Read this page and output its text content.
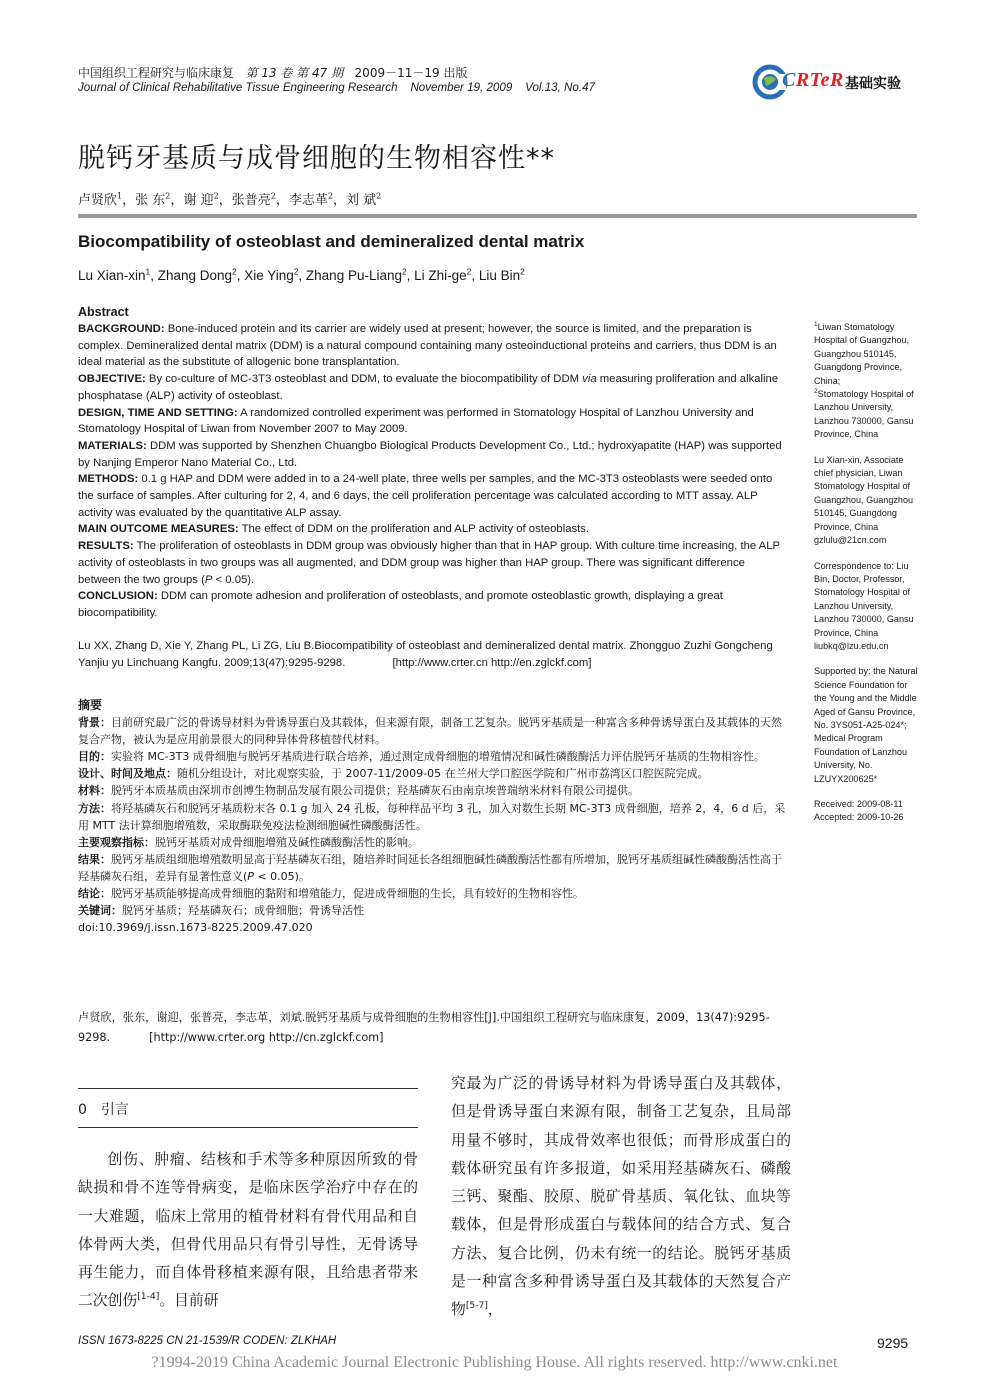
中国组织工程研究与临床康复 第 13 卷 第 47 期 2009－11－19 出版
Journal of Clinical Rehabilitative Tissue Engineering Research November 19, 2009 Vol.13, No.47	CRTeR 基础实验
脱钙牙基质与成骨细胞的生物相容性**
卢贤欣$^1$，张 东$^2$，谢 迎$^2$，张普亮$^2$，李志革$^2$，刘 斌$^2$
Biocompatibility of osteoblast and demineralized dental matrix
Lu Xian-xin$^1$, Zhang Dong$^2$, Xie Ying$^2$, Zhang Pu-Liang$^2$, Li Zhi-$ge^2$, Liu Bin$^2$
Abstract
BACKGROUND: Bone-induced protein and its carrier are widely used at present; however, the source is limited, and the preparation is complex. Demineralized dental matrix (DDM) is a natural compound containing many osteoinductional proteins and carriers, thus DDM is an ideal material as the substitute of allogenic bone transplantation.
OBJECTIVE: By co-culture of MC-3T3 osteoblast and DDM, to evaluate the biocompatibility of DDM via measuring proliferation and alkaline phosphatase (ALP) activity of osteoblast.
DESIGN, TIME AND SETTING: A randomized controlled experiment was performed in Stomatology Hospital of Lanzhou University and Stomatology Hospital of Liwan from November 2007 to May 2009.
MATERIALS: DDM was supported by Shenzhen Chuangbo Biological Products Development Co., Ltd.; hydroxyapatite (HAP) was supported by Nanjing Emperor Nano Material Co., Ltd.
METHODS: 0.1 g HAP and DDM were added in to a 24-well plate, three wells per samples, and the MC-3T3 osteoblasts were seeded onto the surface of samples. After culturing for 2, 4, and 6 days, the cell proliferation percentage was calculated according to MTT assay. ALP activity was evaluated by the quantitative ALP assay.
MAIN OUTCOME MEASURES: The effect of DDM on the proliferation and ALP activity of osteoblasts.
RESULTS: The proliferation of osteoblasts in DDM group was obviously higher than that in HAP group. With culture time increasing, the ALP activity of osteoblasts in two groups was all augmented, and DDM group was higher than HAP group. There was significant difference between the two groups (P < 0.05).
CONCLUSION: DDM can promote adhesion and proliferation of osteoblasts, and promote osteoblastic growth, displaying a great biocompatibility.
Lu XX, Zhang D, Xie Y, Zhang PL, Li ZG, Liu B.Biocompatibility of osteoblast and demineralized dental matrix. Zhongguo Zuzhi Gongcheng Yanjiu yu Linchuang Kangfu. 2009;13(47):9295-9298.	[http://www.crter.cn http://en.zglckf.com]
摘要
背景：目前研究最广泛的骨诱导材料为骨诱导蛋白及其载体，但来源有限，制备工艺复杂。脱钙牙基质是一种富含多种骨诱导蛋白及其载体的天然复合产物，被认为是应用前景很大的同种异体骨移植替代材料。
目的：实验将 MC-3T3 成骨细胞与脱钙牙基质进行联合培养，通过测定成骨细胞的增殖情况和碱性磷酸酶活力评估脱钙牙基质的生物相容性。
设计、时间及地点：随机分组设计，对比观察实验，于 2007-11/2009-05 在兰州大学口腔医学院和广州市荔湾区口腔医院完成。
材料：脱钙牙本质基质由深圳市创博生物制品发展有限公司提供；羟基磷灰石由南京埃普瑞纳米材料有限公司提供。
方法：将羟基磷灰石和脱钙牙基质粉末各 0.1 g 加入 24 孔板，每种样品平均 3 孔，加入对数生长期 MC-3T3 成骨细胞，培养 2，4，6 d 后，采用 MTT 法计算细胞增殖数，采取酶联免疫法检测细胞碱性磷酸酶活性。
主要观察指标：脱钙牙基质对成骨细胞增殖及碱性磷酸酶活性的影响。
结果：脱钙牙基质组细胞增殖数明显高于羟基磷灰石组，随培养时间延长各组细胞碱性磷酸酶活性都有所增加，脱钙牙基质组碱性磷酸酶活性高于羟基磷灰石组，差异有显著性意义(P < 0.05)。
结论：脱钙牙基质能够提高成骨细胞的黏附和增殖能力，促进成骨细胞的生长，具有较好的生物相容性。
关键词：脱钙牙基质；羟基磷灰石；成骨细胞；骨诱导活性
doi:10.3969/j.issn.1673-8225.2009.47.020
卢贤欣，张东，谢迎，张普亮，李志革，刘斌.脱钙牙基质与成骨细胞的生物相容性[J].中国组织工程研究与临床康复，2009，13(47):9295-9298.	[http://www.crter.org http://cn.zglckf.com]

$^1$Liwan Stomatology Hospital of Guangzhou, Guangzhou 510145, Guangdong Province, China;
$^2$Stomatology Hospital of Lanzhou University, Lanzhou 730000, Gansu Province, China

Lu Xian-xin, Associate chief physician, Liwan Stomatology Hospital of Guangzhou, Guangzhou 510145, Guangdong Province, China gzlulu@21cn.com

Correspondence to: Liu Bin, Doctor, Professor, Stomatology Hospital of Lanzhou University, Lanzhou 730000, Gansu Province, China liubkq@lzu.edu.cn

Supported by: the Natural Science Foundation for the Young and the Middle Aged of Gansu Province, No. 3YS051-A25-024*; Medical Program Foundation of Lanzhou University, No. LZUYX200625*

Received: 2009-08-11
Accepted: 2009-10-26
0　引言
创伤、肿瘤、结核和手术等多种原因所致的骨缺损和骨不连等骨病变，是临床医学治疗中存在的一大难题，临床上常用的植骨材料有骨代用品和自体骨两大类，但骨代用品只有骨引导性，无骨诱导再生能力，而自体骨移植来源有限，且给患者带来二次创伤[1-4]。目前研
究最为广泛的骨诱导材料为骨诱导蛋白及其载体，但是骨诱导蛋白来源有限，制备工艺复杂，且局部用量不够时，其成骨效率也很低；而骨形成蛋白的载体研究虽有许多报道，如采用羟基磷灰石、磷酸三钙、聚酯、胶原、脱矿骨基质、氧化钛、血块等载体，但是骨形成蛋白与载体间的结合方式、复合方法、复合比例，仍未有统一的结论。脱钙牙基质是一种富含多种骨诱导蛋白及其载体的天然复合产物[5-7]，
ISSN 1673-8225 CN 21-1539/R CODEN: ZLKHAH	9295
?1994-2019 China Academic Journal Electronic Publishing House. All rights reserved. http://www.cnki.net
